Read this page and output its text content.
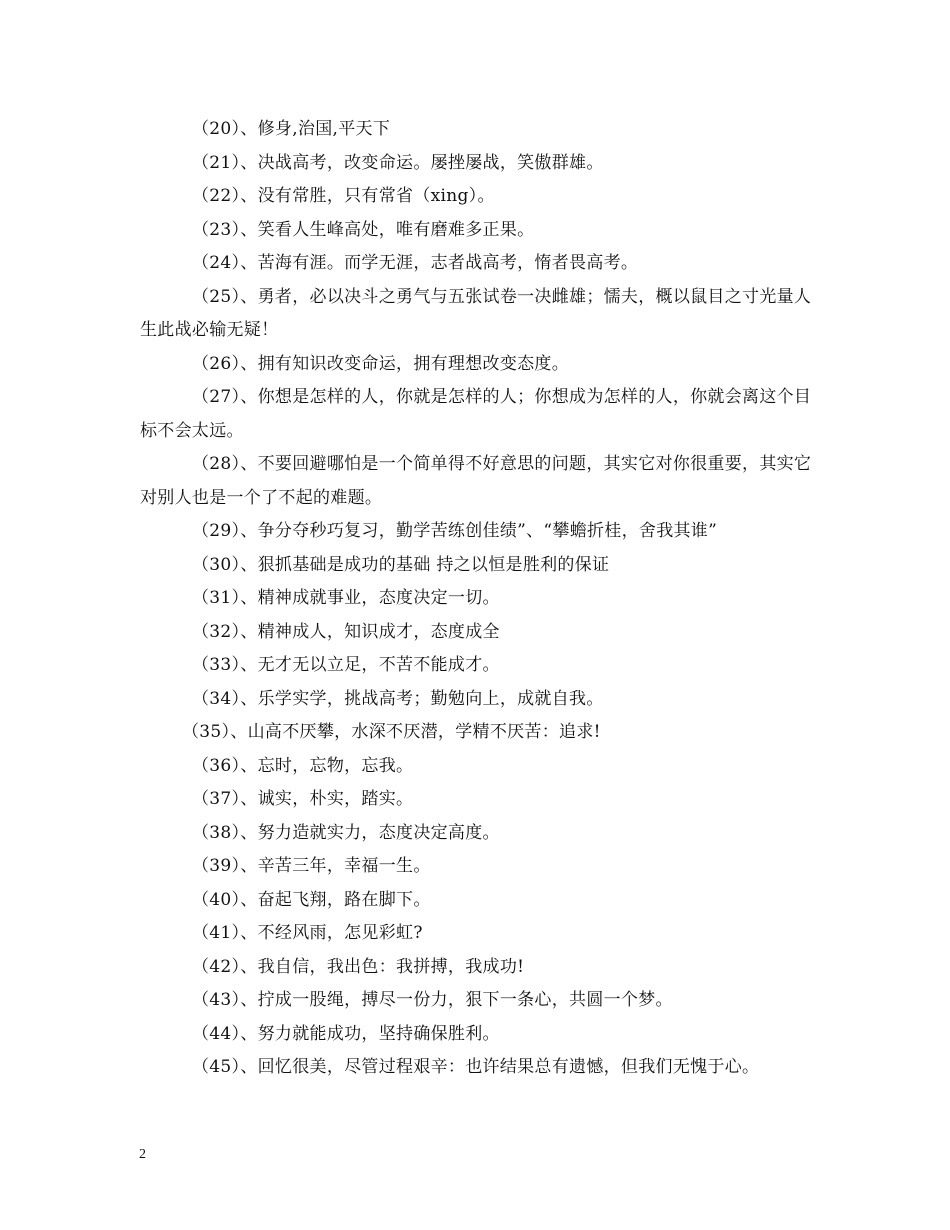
（20）、修身,治国,平天下

（21）、决战高考，改变命运。屡挫屡战，笑傲群雄。

（22）、没有常胜，只有常省（xing）。

（23）、笑看人生峰高处，唯有磨难多正果。

（24）、苦海有涯。而学无涯，志者战高考，惰者畏高考。

（25）、勇者，必以决斗之勇气与五张试卷一决雌雄；懦夫，概以鼠目之寸光量人生此战必输无疑！

（26）、拥有知识改变命运，拥有理想改变态度。

（27）、你想是怎样的人，你就是怎样的人；你想成为怎样的人，你就会离这个目标不会太远。

（28）、不要回避哪怕是一个简单得不好意思的问题，其实它对你很重要，其实它对别人也是一个了不起的难题。

（29）、争分夺秒巧复习，勤学苦练创佳绩”、“攀蟾折桂，舍我其谁”

（30）、狠抓基础是成功的基础 持之以恒是胜利的保证

（31）、精神成就事业，态度决定一切。

（32）、精神成人，知识成才，态度成全

（33）、无才无以立足，不苦不能成才。

（34）、乐学实学，挑战高考；勤勉向上，成就自我。

（35）、山高不厌攀，水深不厌潜，学精不厌苦：追求!

（36）、忘时，忘物，忘我。

（37）、诚实，朴实，踏实。

（38）、努力造就实力，态度决定高度。

（39）、辛苦三年，幸福一生。

（40）、奋起飞翔，路在脚下。

（41）、不经风雨，怎见彩虹?

（42）、我自信，我出色：我拼搏，我成功!

（43）、拧成一股绳，搏尽一份力，狠下一条心，共圆一个梦。

（44）、努力就能成功，坚持确保胜利。

（45）、回忆很美，尽管过程艰辛：也许结果总有遗憾，但我们无愧于心。

2
